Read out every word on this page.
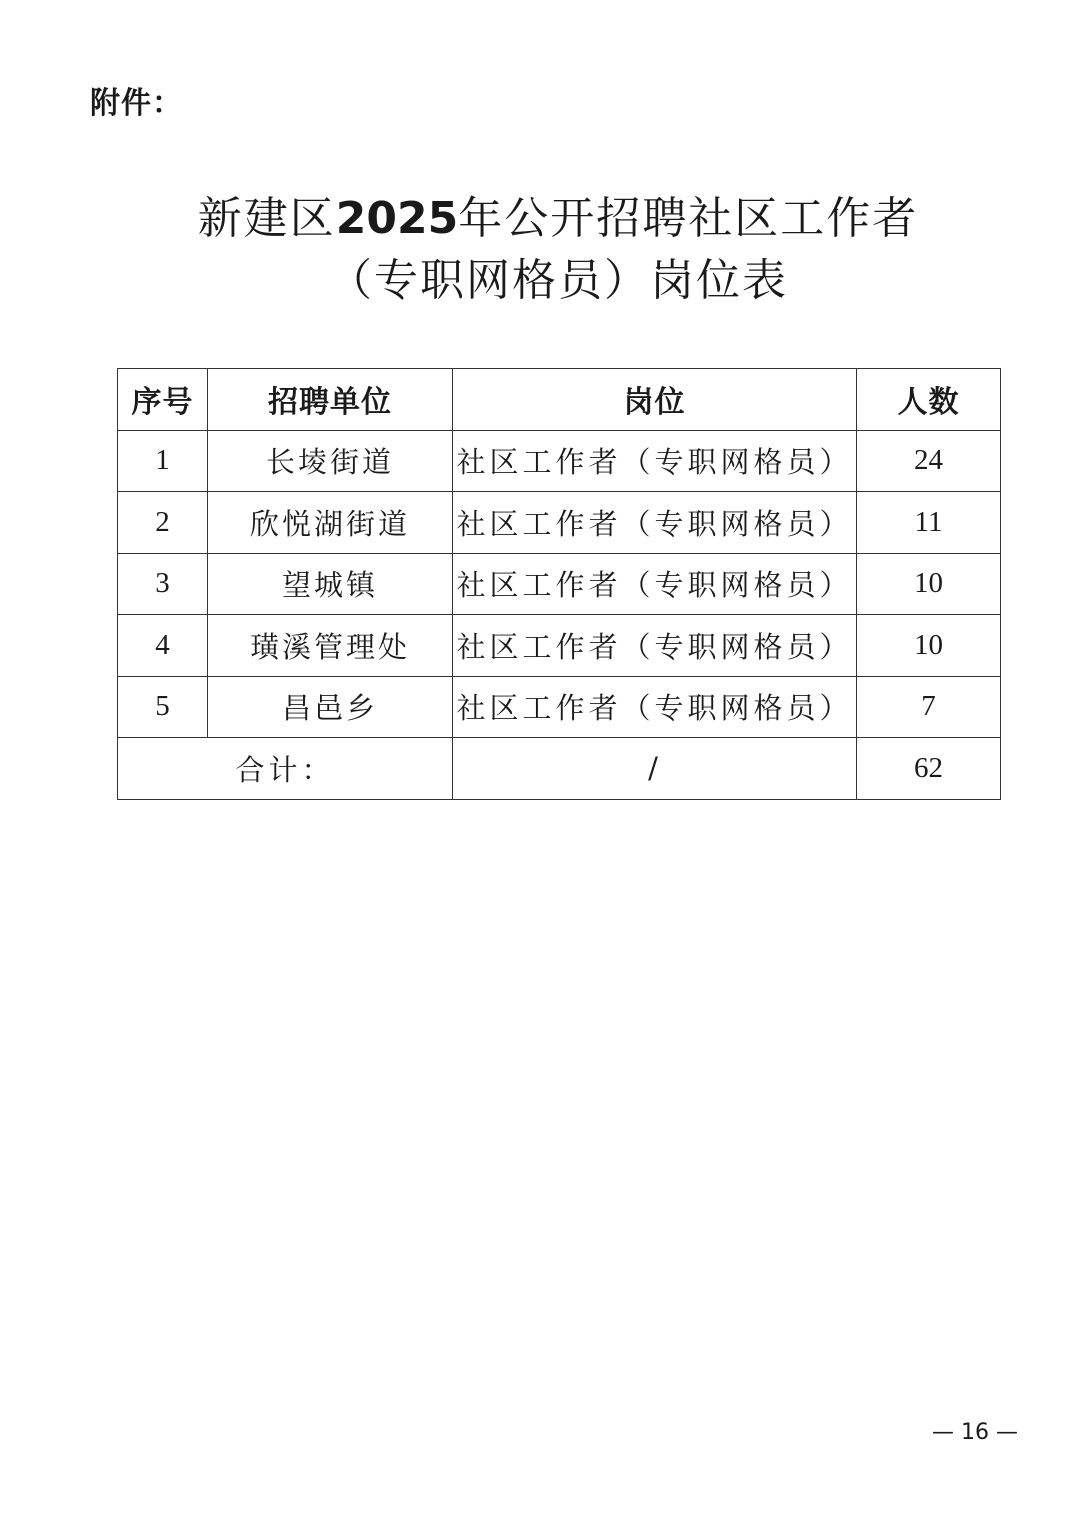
附件：
新建区2025年公开招聘社区工作者
（专职网格员）岗位表
序号	招聘单位	岗位	人数
1	长堎街道	社区工作者（专职网格员）	24
2	欣悦湖街道	社区工作者（专职网格员）	11
3	望城镇	社区工作者（专职网格员）	10
4	璜溪管理处	社区工作者（专职网格员）	10
5	昌邑乡	社区工作者（专职网格员）	7
合计：		/	62
— 16 —
